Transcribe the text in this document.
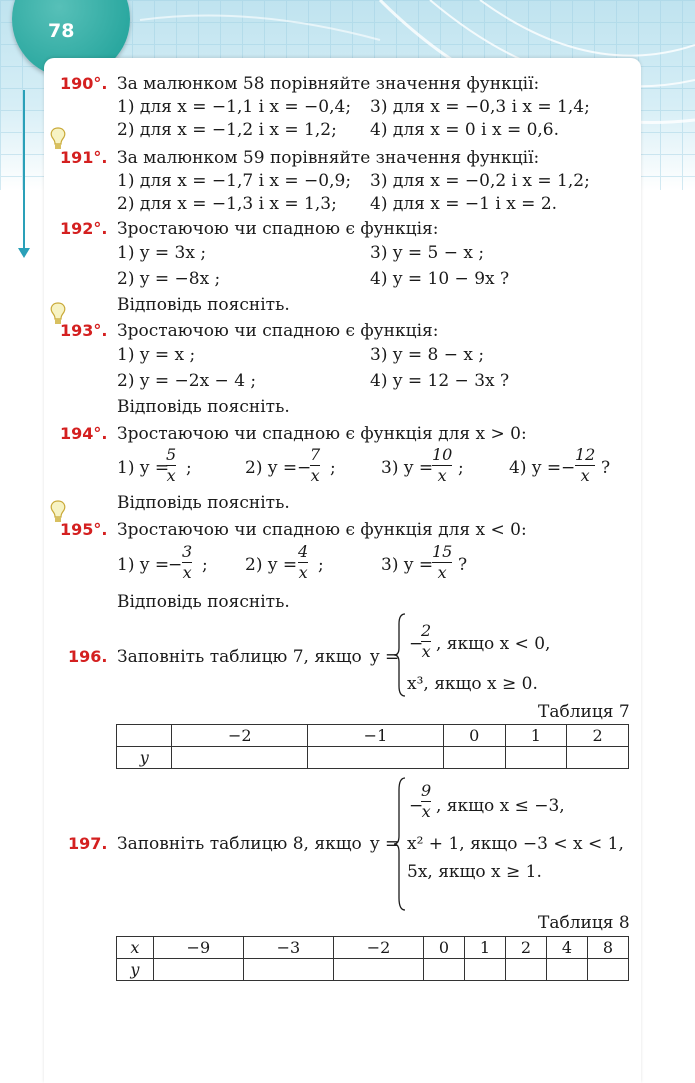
78
190°. За малюнком 58 порівняйте значення функції:
1) для x = −1,1 і x = −0,4; 3) для x = −0,3 і x = 1,4;
2) для x = −1,2 і x = 1,2; 4) для x = 0 і x = 0,6.
191°. За малюнком 59 порівняйте значення функції:
1) для x = −1,7 і x = −0,9; 3) для x = −0,2 і x = 1,2;
2) для x = −1,3 і x = 1,3; 4) для x = −1 і x = 2.
192°. Зростаючою чи спадною є функція:
1) y = 3x ;	3) y = 5 − x ;
2) y = −8x ;	4) y = 10 − 9x ?
Відповідь поясніть.
193°. Зростаючою чи спадною є функція:
1) y = x ;	3) y = 8 − x ;
2) y = −2x − 4 ;	4) y = 12 − 3x ?
Відповідь поясніть.
194°. Зростаючою чи спадною є функція для x > 0:
1) y =
5
x ;	2) y = −
7
x ;	3) y =
10
x ;	4) y = −
12
x ?
Відповідь поясніть.
195°. Зростаючою чи спадною є функція для x < 0:
1) y =
−
3
x ; 2) y =
4
x ;	3) y =
15
x ?
Відповідь поясніть.
196. Заповніть таблицю 7, якщо y =
−
2
x , якщо x < 0,
x³, якщо x ≥ 0.
Таблиця 7
	−2	−1	0	1	2
y					
197. Заповніть таблицю 8, якщо y =
−
9
x , якщо x ≤ −3,
x² + 1, якщо −3 < x < 1,
5x, якщо x ≥ 1.
Таблиця 8
x	−9	−3	−2	0	1	2	4	8
y								
